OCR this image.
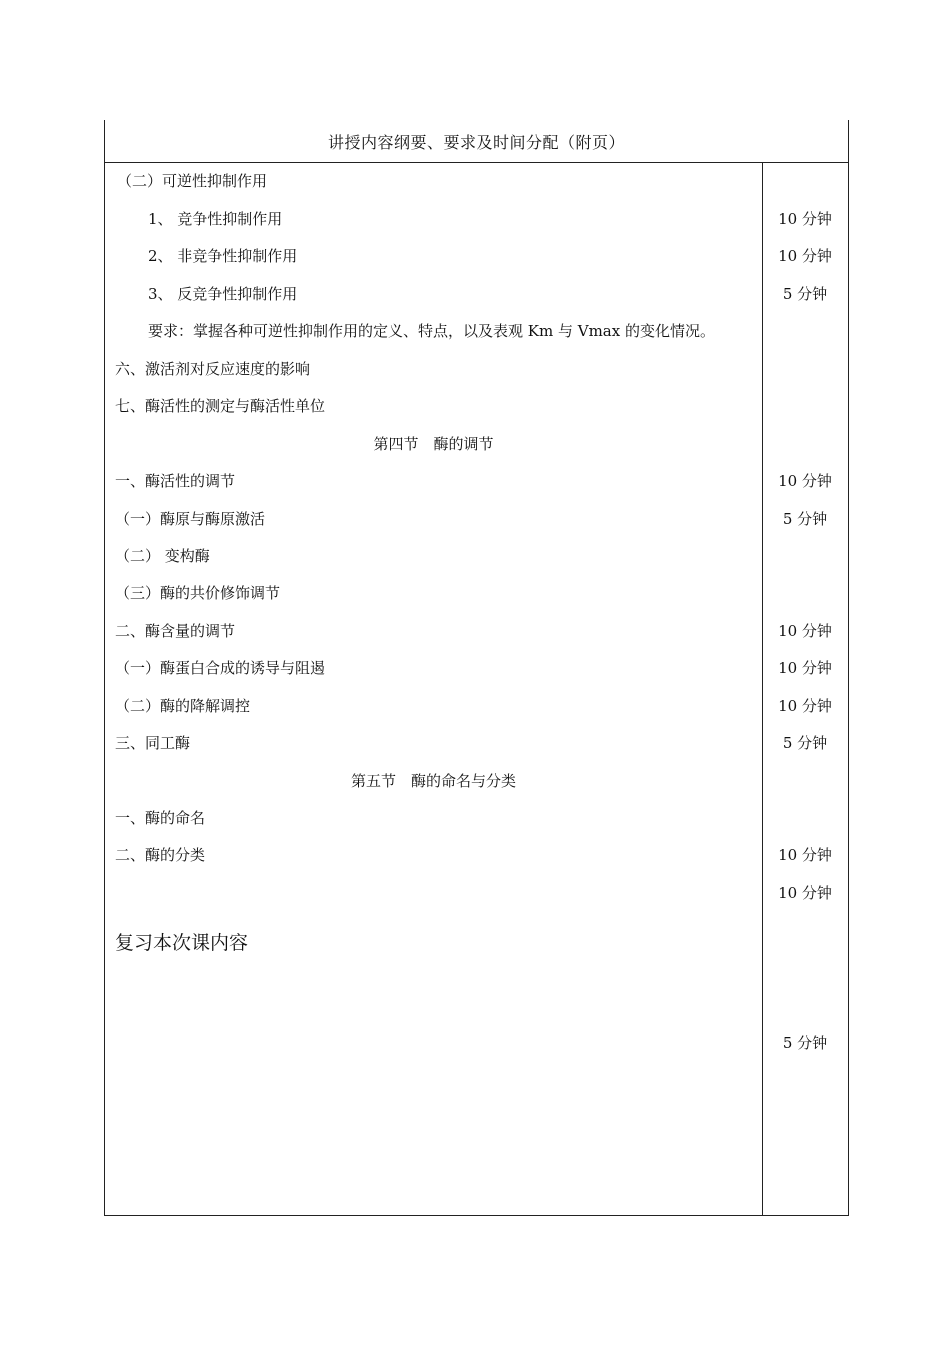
讲授内容纲要、要求及时间分配（附页）
（二）可逆性抑制作用
1、 竞争性抑制作用
2、 非竞争性抑制作用
3、 反竞争性抑制作用
要求：掌握各种可逆性抑制作用的定义、特点，以及表观 Km 与 Vmax 的变化情况。
六、激活剂对反应速度的影响
七、酶活性的测定与酶活性单位
第四节　酶的调节
一、酶活性的调节
（一）酶原与酶原激活
（二） 变构酶
（三）酶的共价修饰调节
二、酶含量的调节
（一）酶蛋白合成的诱导与阻遏
（二）酶的降解调控
三、同工酶
第五节　酶的命名与分类
一、酶的命名
二、酶的分类
复习本次课内容
10 分钟
10 分钟
5 分钟
10 分钟
5 分钟
10 分钟
10 分钟
10 分钟
5 分钟
10 分钟
10 分钟
5 分钟
